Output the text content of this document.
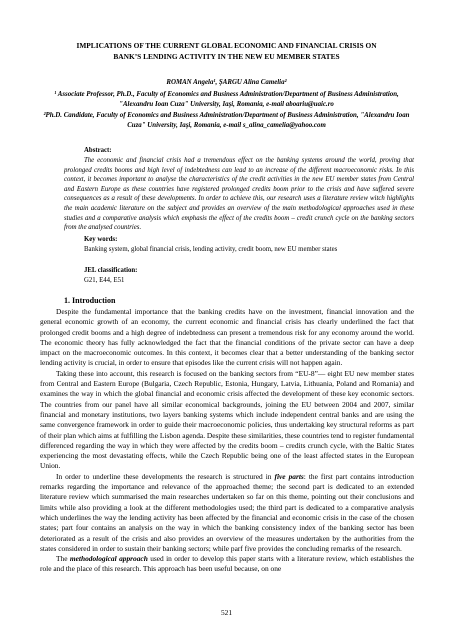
IMPLICATIONS OF THE CURRENT GLOBAL ECONOMIC AND FINANCIAL CRISIS ON
BANK’S LENDING ACTIVITY IN THE NEW EU MEMBER STATES
ROMAN Angela¹, ŞARGU Alina Camelia²
¹ Associate Professor, Ph.D., Faculty of Economics and Business Administration/Department of Business Administration, "Alexandru Ioan Cuza" University, Iaşi, Romania, e-mail aboariu@uaic.ro
²Ph.D. Candidate, Faculty of Economics and Business Administration/Department of Business Administration, "Alexandru Ioan Cuza" University, Iaşi, Romania, e-mail s_alina_camelia@yahoo.com
Abstract:
The economic and financial crisis had a tremendous effect on the banking systems around the world, proving that prolonged credits booms and high level of indebtedness can lead to an increase of the different macroeconomic risks. In this context, it becomes important to analyse the characteristics of the credit activities in the new EU member states from Central and Eastern Europe as these countries have registered prolonged credits boom prior to the crisis and have suffered severe consequences as a result of these developments. In order to achieve this, our research uses a literature review witch highlights the main academic literature on the subject and provides an overview of the main methodological approaches used in these studies and a comparative analysis which emphasis the effect of the credits boom – credit crunch cycle on the banking sectors from the analysed countries.
Key words:
Banking system, global financial crisis, lending activity, credit boom, new EU member states
JEL classification:
G21, E44, E51
1. Introduction

Despite the fundamental importance that the banking credits have on the investment, financial innovation and the general economic growth of an economy, the current economic and financial crisis has clearly underlined the fact that prolonged credit booms and a high degree of indebtedness can present a tremendous risk for any economy around the world. The economic theory has fully acknowledged the fact that the financial conditions of the private sector can have a deep impact on the macroeconomic outcomes. In this context, it becomes clear that a better understanding of the banking sector lending activity is crucial, in order to ensure that episodes like the current crisis will not happen again.

Taking these into account, this research is focused on the banking sectors from “EU-8”— eight EU new member states from Central and Eastern Europe (Bulgaria, Czech Republic, Estonia, Hungary, Latvia, Lithuania, Poland and Romania) and examines the way in which the global financial and economic crisis affected the development of these key economic sectors. The countries from our panel have all similar economical backgrounds, joining the EU between 2004 and 2007, similar financial and monetary institutions, two layers banking systems which include independent central banks and are using the same convergence framework in order to guide their macroeconomic policies, thus undertaking key structural reforms as part of their plan which aims at fulfilling the Lisbon agenda. Despite these similarities, these countries tend to register fundamental differenced regarding the way in which they were affected by the credits boom – credits crunch cycle, with the Baltic States experiencing the most devastating effects, while the Czech Republic being one of the least affected states in the European Union.

In order to underline these developments the research is structured in five parts: the first part contains introduction remarks regarding the importance and relevance of the approached theme; the second part is dedicated to an extended literature review which summarised the main researches undertaken so far on this theme, pointing out their conclusions and limits while also providing a look at the different methodologies used; the third part is dedicated to a comparative analysis which underlines the way the lending activity has been affected by the financial and economic crisis in the case of the chosen states; part four contains an analysis on the way in which the banking consistency index of the banking sector has been deteriorated as a result of the crisis and also provides an overview of the measures undertaken by the authorities from the states considered in order to sustain their banking sectors; while parf five provides the concluding remarks of the research.

The methodological approach used in order to develop this paper starts with a literature review, which establishes the role and the place of this research. This approach has been useful because, on one

521
